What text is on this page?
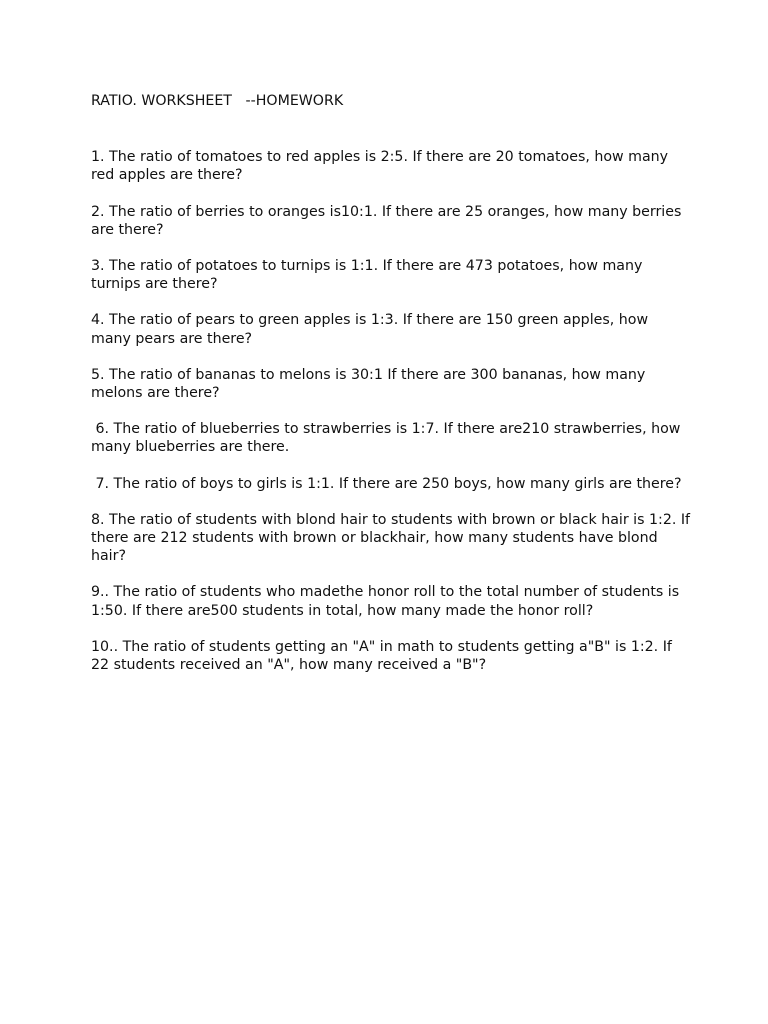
RATIO. WORKSHEET   --HOMEWORK
1. The ratio of tomatoes to red apples is 2:5. If there are 20 tomatoes, how many red apples are there?
2. The ratio of berries to oranges is10:1. If there are 25 oranges, how many berries are there?
3. The ratio of potatoes to turnips is 1:1. If there are 473 potatoes, how many turnips are there?
4. The ratio of pears to green apples is 1:3. If there are 150 green apples, how many pears are there?
5. The ratio of bananas to melons is 30:1 If there are 300 bananas, how many melons are there?
6. The ratio of blueberries to strawberries is 1:7. If there are210 strawberries, how many blueberries are there.
7. The ratio of boys to girls is 1:1. If there are 250 boys, how many girls are there?
8. The ratio of students with blond hair to students with brown or black hair is 1:2. If there are 212 students with brown or blackhair, how many students have blond hair?
9.. The ratio of students who madethe honor roll to the total number of students is 1:50. If there are500 students in total, how many made the honor roll?
10.. The ratio of students getting an "A" in math to students getting a"B" is 1:2. If 22 students received an "A", how many received a "B"?
